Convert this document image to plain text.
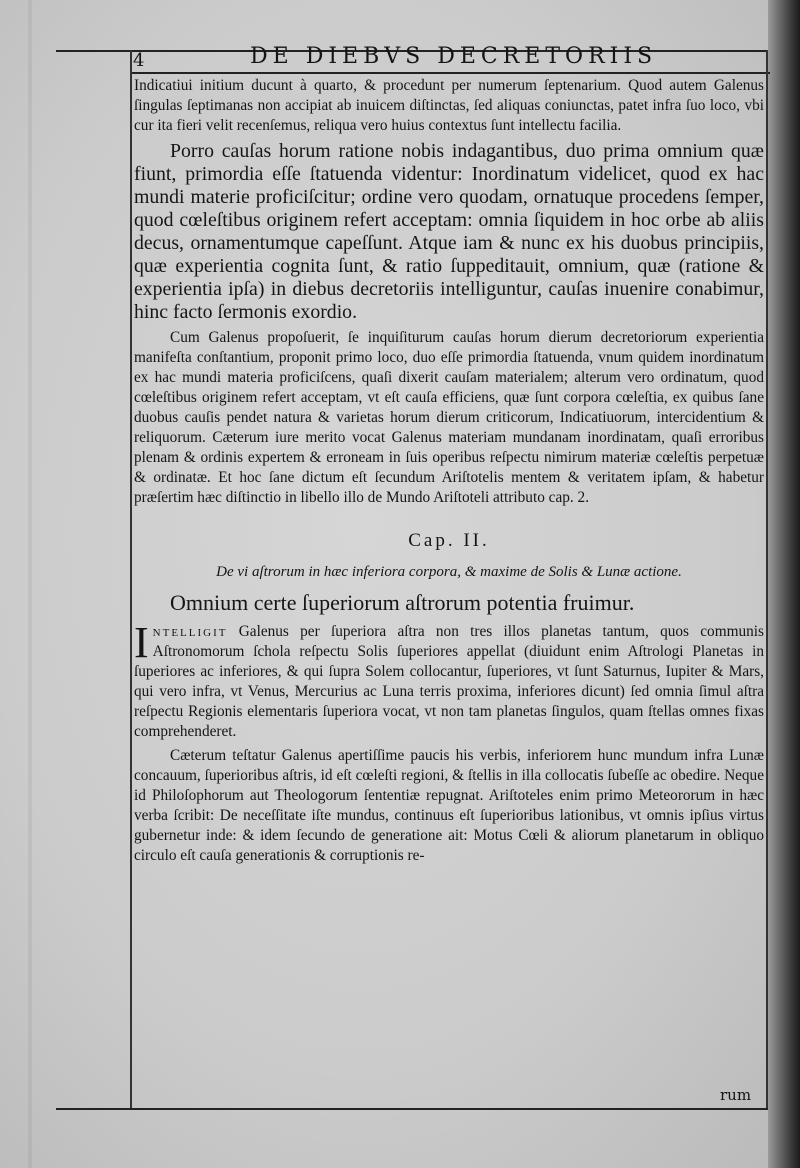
4	DE DIEBVS DECRETORIIS

Indicatiui initium ducunt à quarto, & procedunt per numerum ſeptenarium. Quod autem Galenus ſingulas ſeptimanas non accipiat ab inuicem diſtinctas, ſed aliquas coniunctas, patet infra ſuo loco, vbi cur ita fieri velit recenſemus, reliqua vero huius contextus ſunt intellectu facilia.

Porro cauſas horum ratione nobis indagantibus, duo prima omnium quæ fiunt, primordia eſſe ſtatuenda videntur: Inordinatum videlicet, quod ex hac mundi materie proficiſcitur; ordine vero quodam, ornatuque procedens ſemper, quod cœleſtibus originem refert acceptam: omnia ſiquidem in hoc orbe ab aliis decus, ornamentumque capeſſunt. Atque iam & nunc ex his duobus principiis, quæ experientia cognita ſunt, & ratio ſuppeditauit, omnium, quæ (ratione & experientia ipſa) in diebus decretoriis intelliguntur, cauſas inuenire conabimur, hinc facto ſermonis exordio.

Cum Galenus propoſuerit, ſe inquiſiturum cauſas horum dierum decretoriorum experientia manifeſta conſtantium, proponit primo loco, duo eſſe primordia ſtatuenda, vnum quidem inordinatum ex hac mundi materia proficiſcens, quaſi dixerit cauſam materialem; alterum vero ordinatum, quod cœleſtibus originem refert acceptam, vt eſt cauſa efficiens, quæ ſunt corpora cœleſtia, ex quibus ſane duobus cauſis pendet natura & varietas horum dierum criticorum, Indicatiuorum, intercidentium & reliquorum. Cæterum iure merito vocat Galenus materiam mundanam inordinatam, quaſi erroribus plenam & ordinis expertem & erroneam in ſuis operibus reſpectu nimirum materiæ cœleſtis perpetuæ & ordinatæ. Et hoc ſane dictum eſt ſecundum Ariſtotelis mentem & veritatem ipſam, & habetur præſertim hæc diſtinctio in libello illo de Mundo Ariſtoteli attributo cap. 2.

Cap. II.
De vi aſtrorum in hæc inferiora corpora, & maxime de Solis & Lunæ actione.
Omnium certe ſuperiorum aſtrorum potentia fruimur.

Intelligit Galenus per ſuperiora aſtra non tres illos planetas tantum, quos communis Aſtronomorum ſchola reſpectu Solis ſuperiores appellat (diuidunt enim Aſtrologi Planetas in ſuperiores ac inferiores, & qui ſupra Solem collocantur, ſuperiores, vt ſunt Saturnus, Iupiter & Mars, qui vero infra, vt Venus, Mercurius ac Luna terris proxima, inferiores dicunt) ſed omnia ſimul aſtra reſpectu Regionis elementaris ſuperiora vocat, vt non tam planetas ſingulos, quam ſtellas omnes fixas comprehenderet.

Cæterum teſtatur Galenus apertiſſime paucis his verbis, inferiorem hunc mundum infra Lunæ concauum, ſuperioribus aſtris, id eſt cœleſti regioni, & ſtellis in illa collocatis ſubeſſe ac obedire. Neque id Philoſophorum aut Theologorum ſententiæ repugnat. Ariſtoteles enim primo Meteororum in hæc verba ſcribit: De neceſſitate iſte mundus, continuus eſt ſuperioribus lationibus, vt omnis ipſius virtus gubernetur inde: & idem ſecundo de generatione ait: Motus Cœli & aliorum planetarum in obliquo circulo eſt cauſa generationis & corruptionis re-

rum
